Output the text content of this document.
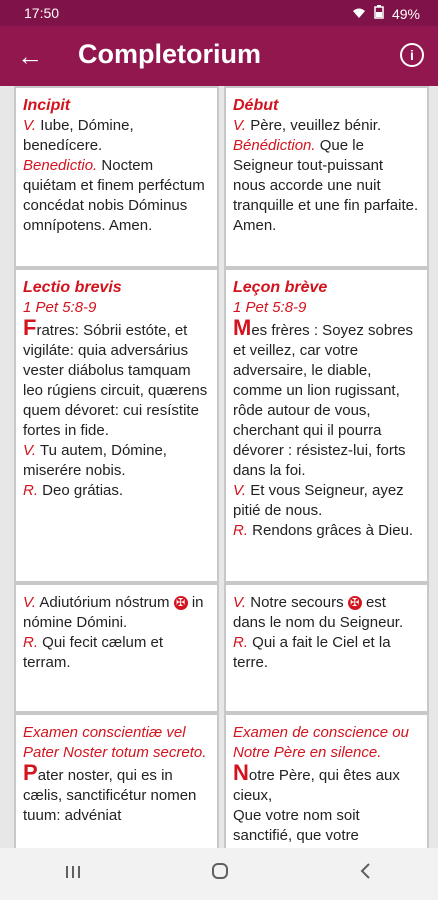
17:50	49%
← Completorium	i
Incipit
V. Iube, Dómine, benedícere.
Benedictio. Noctem quiétam et finem perféctum concédat nobis Dóminus omnípotens. Amen.
Début
V. Père, veuillez bénir.
Bénédiction. Que le Seigneur tout-puissant nous accorde une nuit tranquille et une fin parfaite. Amen.
Lectio brevis
1 Pet 5:8-9
Fratres: Sóbrii estóte, et vigiláte: quia adversárius vester diábolus tamquam leo rúgiens circuit, quærens quem dévoret: cui resístite fortes in fide.
V. Tu autem, Dómine, miserére nobis.
R. Deo grátias.
Leçon brève
1 Pet 5:8-9
Mes frères : Soyez sobres et veillez, car votre adversaire, le diable, comme un lion rugissant, rôde autour de vous, cherchant qui il pourra dévorer : résistez-lui, forts dans la foi.
V. Et vous Seigneur, ayez pitié de nous.
R. Rendons grâces à Dieu.
V. Adiutórium nóstrum ✠ in nómine Dómini.
R. Qui fecit cælum et terram.
V. Notre secours ✠ est dans le nom du Seigneur.
R. Qui a fait le Ciel et la terre.
Examen conscientiæ vel Pater Noster totum secreto.
Pater noster, qui es in cælis, sanctificétur nomen tuum: advéniat
Examen de conscience ou Notre Père en silence.
Notre Père, qui êtes aux cieux,
Que votre nom soit sanctifié, que votre
